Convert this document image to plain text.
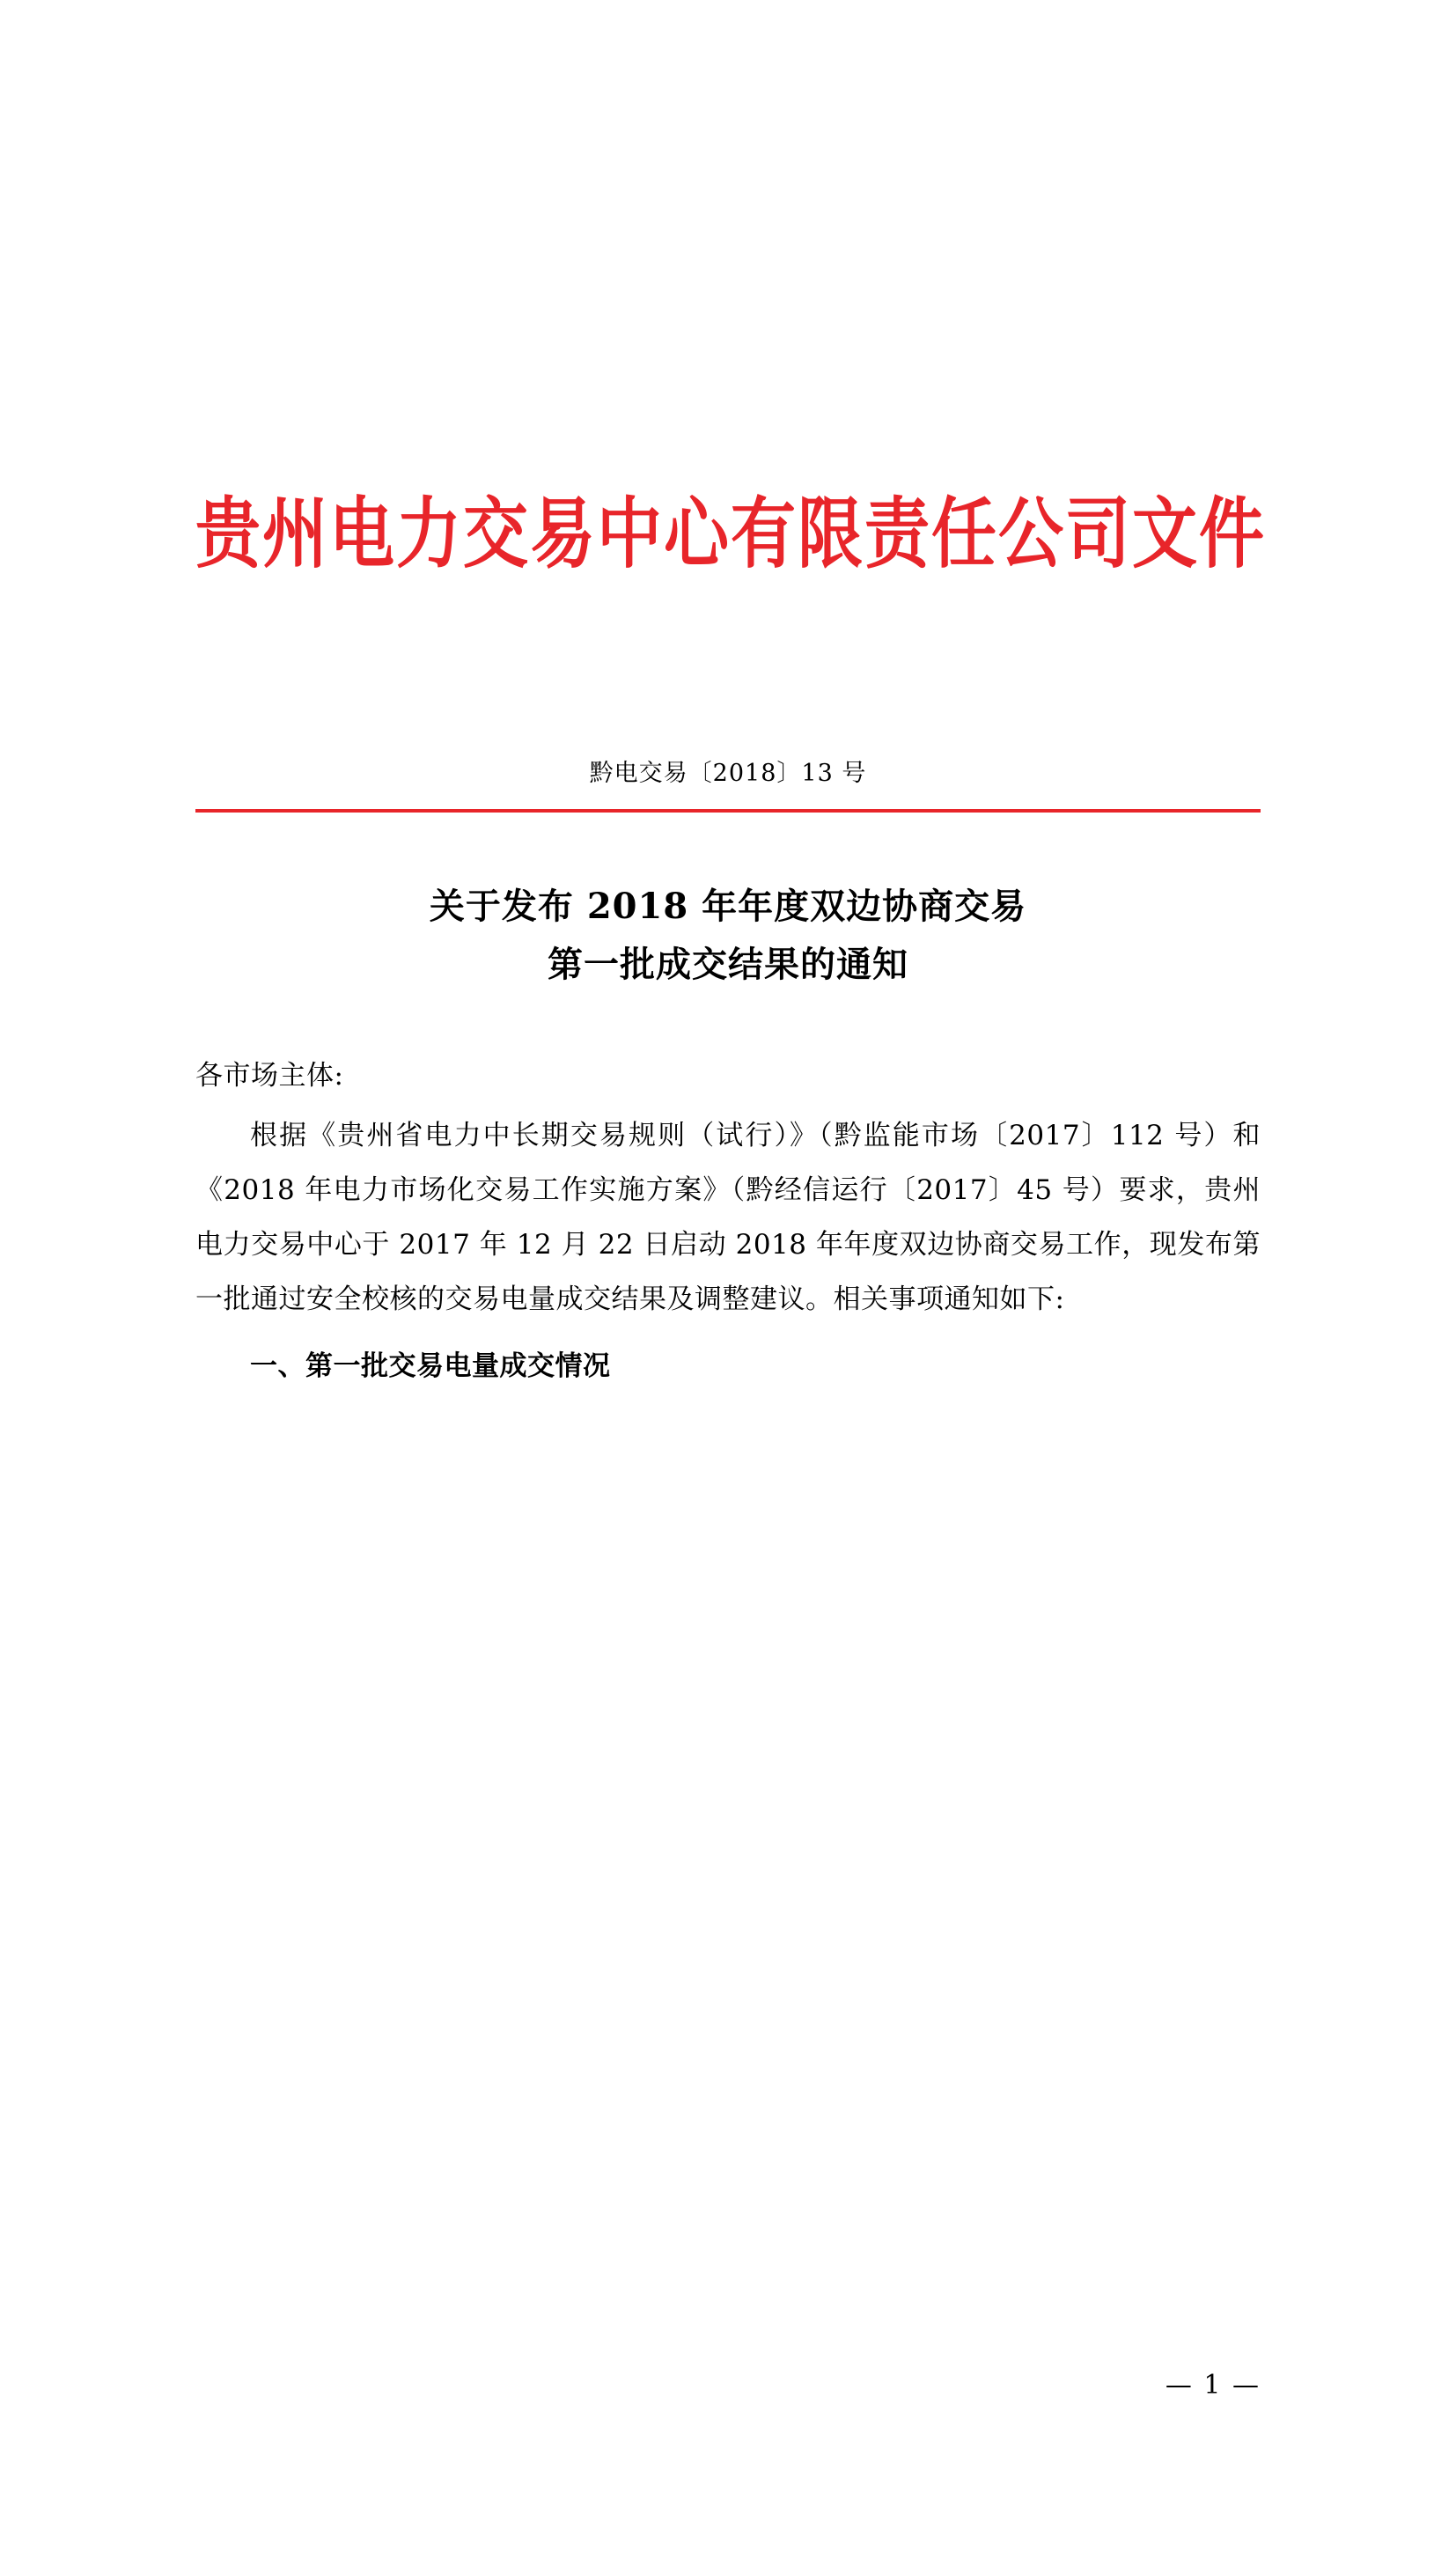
贵州电力交易中心有限责任公司文件
黔电交易〔2018〕13 号
关于发布 2018 年年度双边协商交易
第一批成交结果的通知

各市场主体:

根据《贵州省电力中长期交易规则（试行）》（黔监能市场〔2017〕112 号）和《2018 年电力市场化交易工作实施方案》（黔经信运行〔2017〕45 号）要求，贵州电力交易中心于 2017 年 12 月 22 日启动 2018 年年度双边协商交易工作，现发布第一批通过安全校核的交易电量成交结果及调整建议。相关事项通知如下:

一、第一批交易电量成交情况

— 1 —
